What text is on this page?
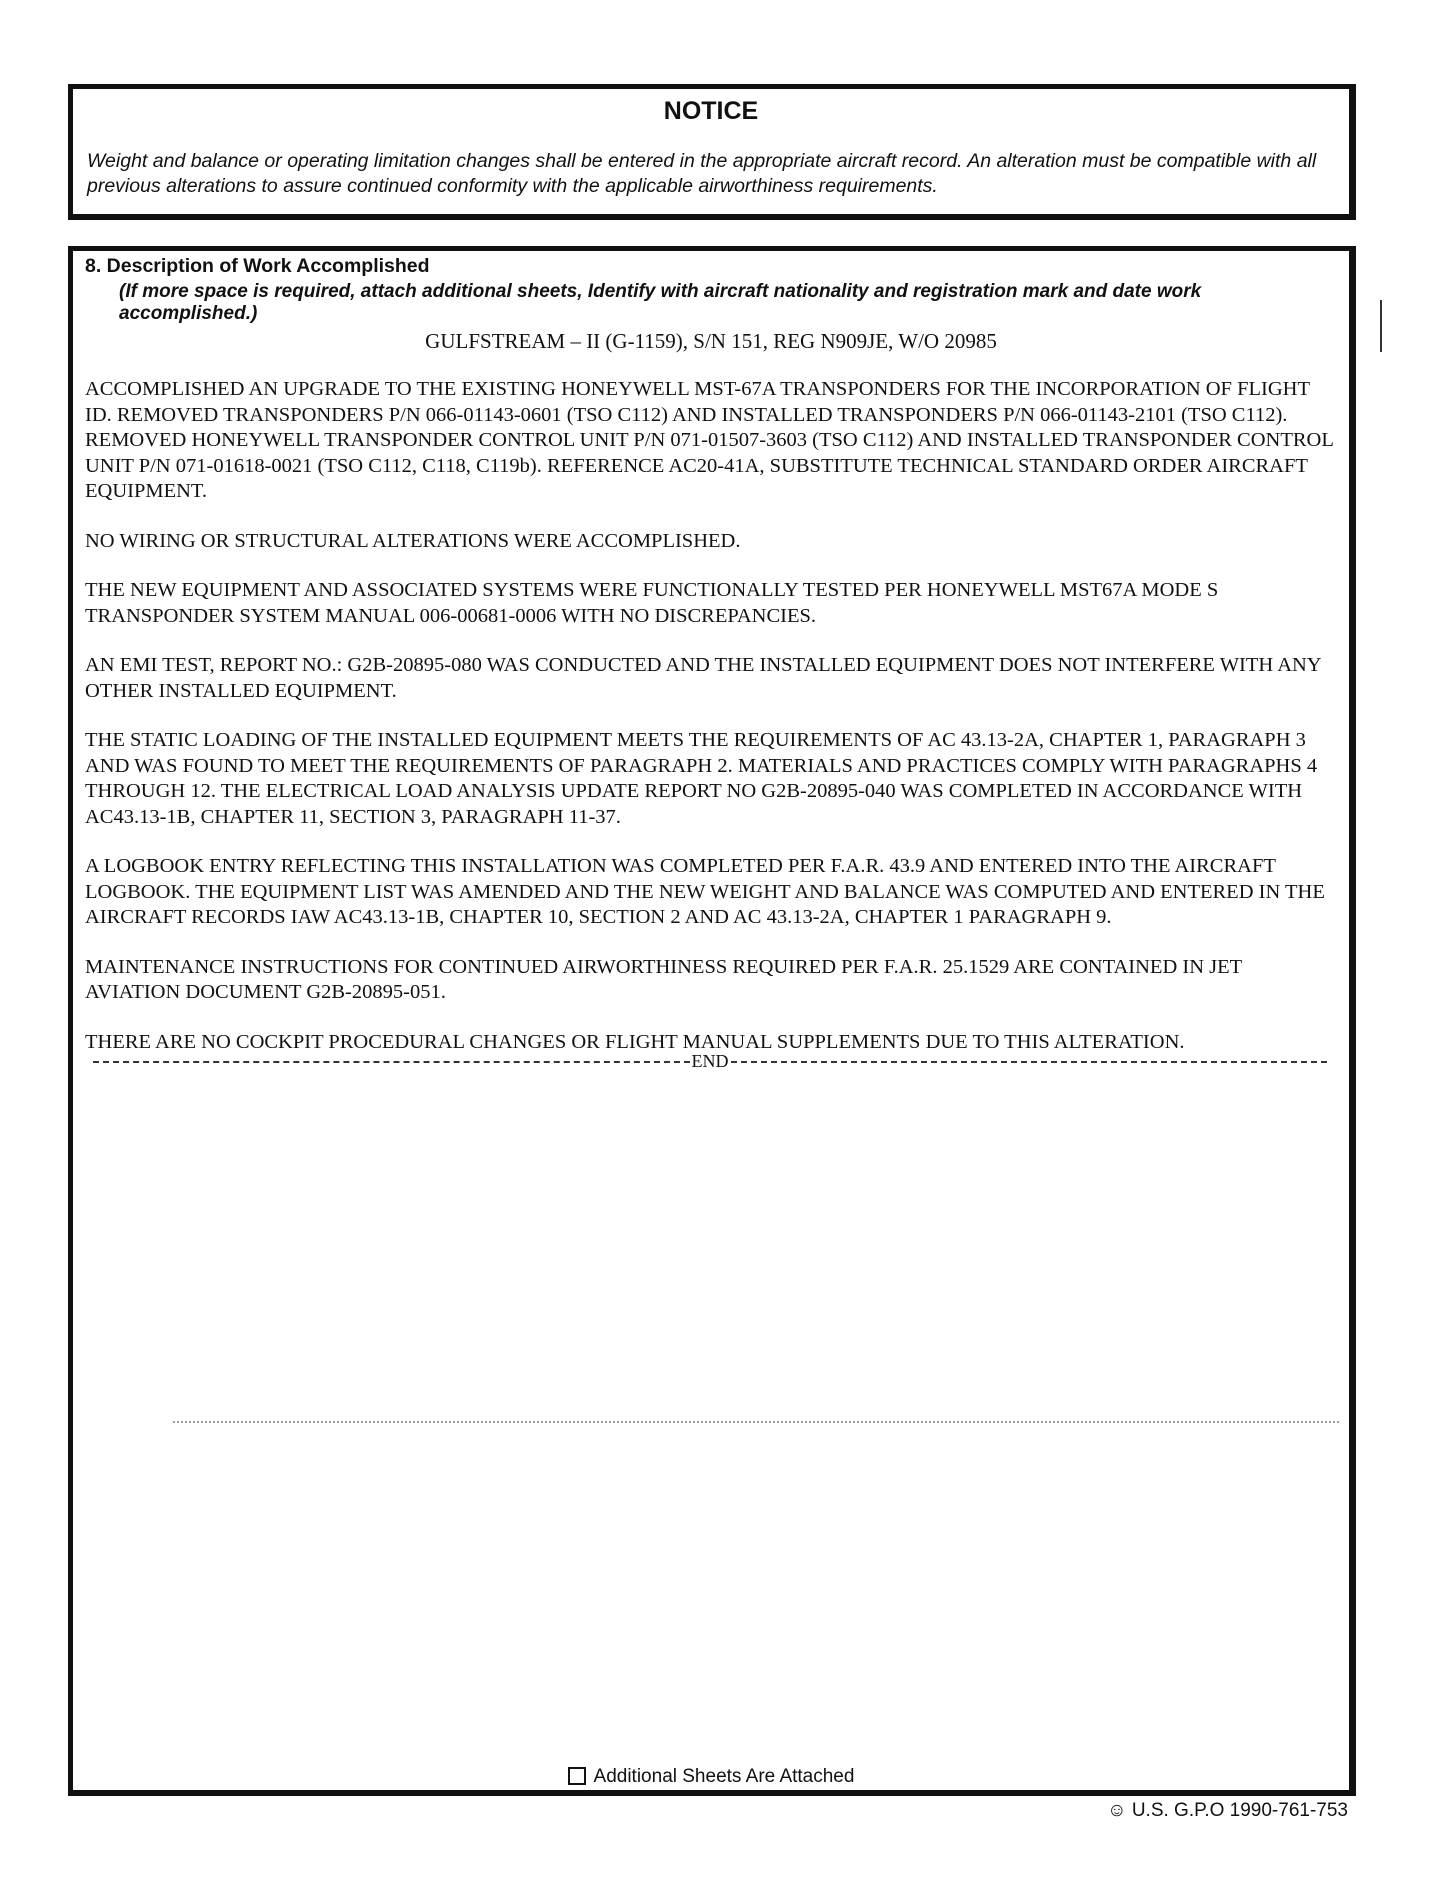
NOTICE
Weight and balance or operating limitation changes shall be entered in the appropriate aircraft record. An alteration must be compatible with all previous alterations to assure continued conformity with the applicable airworthiness requirements.
8. Description of Work Accomplished
(If more space is required, attach additional sheets, Identify with aircraft nationality and registration mark and date work accomplished.)
GULFSTREAM – II (G-1159), S/N 151, REG N909JE, W/O 20985

ACCOMPLISHED AN UPGRADE TO THE EXISTING HONEYWELL MST-67A TRANSPONDERS FOR THE INCORPORATION OF FLIGHT ID. REMOVED TRANSPONDERS P/N 066-01143-0601 (TSO C112) AND INSTALLED TRANSPONDERS P/N 066-01143-2101 (TSO C112). REMOVED HONEYWELL TRANSPONDER CONTROL UNIT P/N 071-01507-3603 (TSO C112) AND INSTALLED TRANSPONDER CONTROL UNIT P/N 071-01618-0021 (TSO C112, C118, C119b). REFERENCE AC20-41A, SUBSTITUTE TECHNICAL STANDARD ORDER AIRCRAFT EQUIPMENT.

NO WIRING OR STRUCTURAL ALTERATIONS WERE ACCOMPLISHED.

THE NEW EQUIPMENT AND ASSOCIATED SYSTEMS WERE FUNCTIONALLY TESTED PER HONEYWELL MST67A MODE S TRANSPONDER SYSTEM MANUAL 006-00681-0006 WITH NO DISCREPANCIES.

AN EMI TEST, REPORT NO.: G2B-20895-080 WAS CONDUCTED AND THE INSTALLED EQUIPMENT DOES NOT INTERFERE WITH ANY OTHER INSTALLED EQUIPMENT.

THE STATIC LOADING OF THE INSTALLED EQUIPMENT MEETS THE REQUIREMENTS OF AC 43.13-2A, CHAPTER 1, PARAGRAPH 3 AND WAS FOUND TO MEET THE REQUIREMENTS OF PARAGRAPH 2. MATERIALS AND PRACTICES COMPLY WITH PARAGRAPHS 4 THROUGH 12. THE ELECTRICAL LOAD ANALYSIS UPDATE REPORT NO G2B-20895-040 WAS COMPLETED IN ACCORDANCE WITH AC43.13-1B, CHAPTER 11, SECTION 3, PARAGRAPH 11-37.

A LOGBOOK ENTRY REFLECTING THIS INSTALLATION WAS COMPLETED PER F.A.R. 43.9 AND ENTERED INTO THE AIRCRAFT LOGBOOK. THE EQUIPMENT LIST WAS AMENDED AND THE NEW WEIGHT AND BALANCE WAS COMPUTED AND ENTERED IN THE AIRCRAFT RECORDS IAW AC43.13-1B, CHAPTER 10, SECTION 2 AND AC 43.13-2A, CHAPTER 1 PARAGRAPH 9.

MAINTENANCE INSTRUCTIONS FOR CONTINUED AIRWORTHINESS REQUIRED PER F.A.R. 25.1529 ARE CONTAINED IN JET AVIATION DOCUMENT G2B-20895-051.

THERE ARE NO COCKPIT PROCEDURAL CHANGES OR FLIGHT MANUAL SUPPLEMENTS DUE TO THIS ALTERATION.

END
Additional Sheets Are Attached
☺ U.S. G.P.O 1990-761-753
